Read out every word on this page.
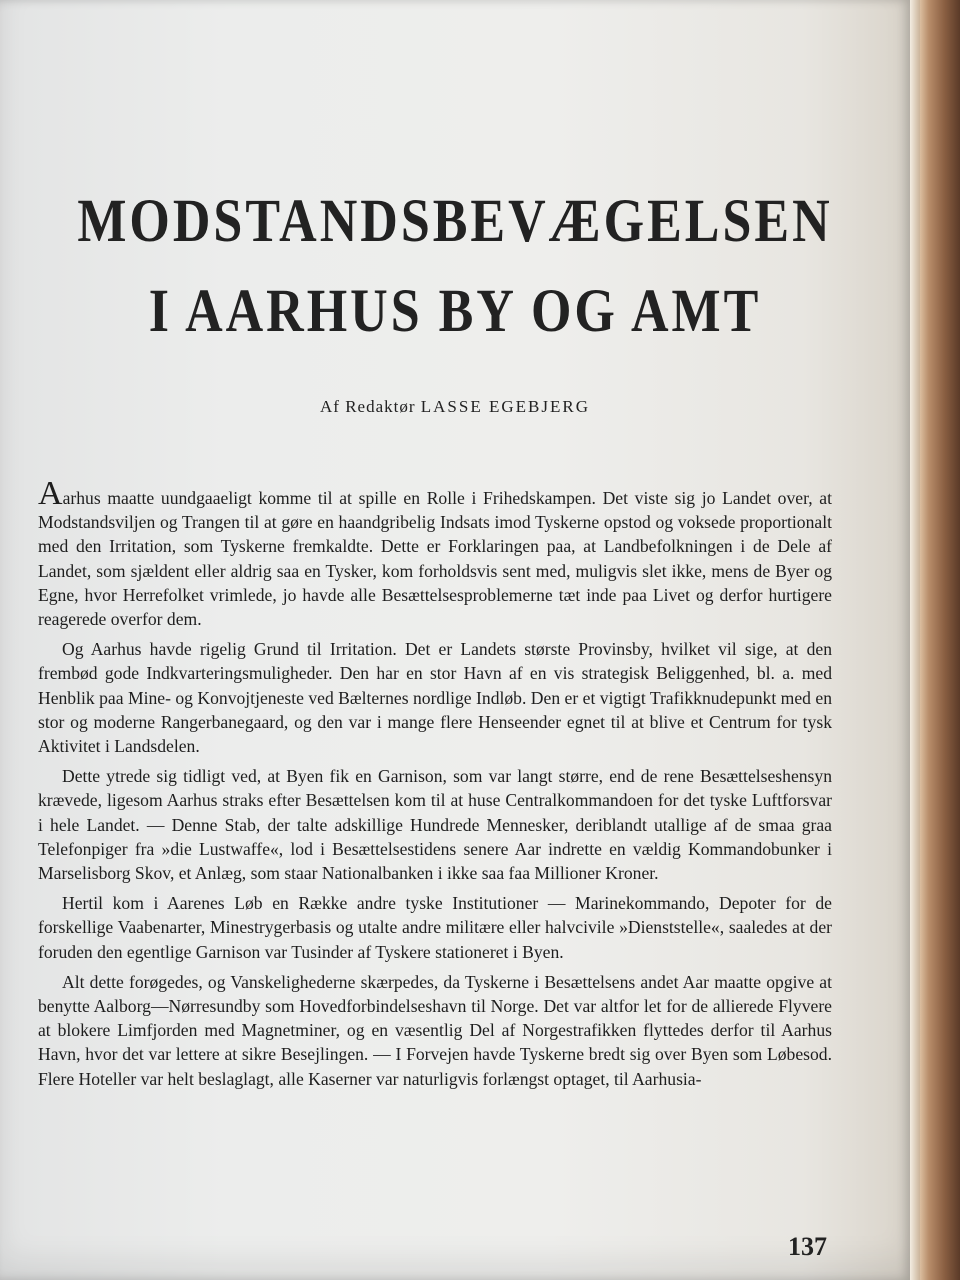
MODSTANDSBEVÆGELSEN
I AARHUS BY OG AMT

Af Redaktør LASSE EGEBJERG

Aarhus maatte uundgaaeligt komme til at spille en Rolle i Frihedskampen. Det viste sig jo Landet over, at Modstandsviljen og Trangen til at gøre en haandgribelig Indsats imod Tyskerne opstod og voksede proportionalt med den Irritation, som Tyskerne fremkaldte. Dette er Forklaringen paa, at Landbefolkningen i de Dele af Landet, som sjældent eller aldrig saa en Tysker, kom forholdsvis sent med, muligvis slet ikke, mens de Byer og Egne, hvor Herrefolket vrimlede, jo havde alle Besættelsesproblemerne tæt inde paa Livet og derfor hurtigere reagerede overfor dem.

Og Aarhus havde rigelig Grund til Irritation. Det er Landets største Provinsby, hvilket vil sige, at den frembød gode Indkvarteringsmuligheder. Den har en stor Havn af en vis strategisk Beliggenhed, bl. a. med Henblik paa Mine- og Konvojtjeneste ved Bælternes nordlige Indløb. Den er et vigtigt Trafikknudepunkt med en stor og moderne Rangerbanegaard, og den var i mange flere Henseender egnet til at blive et Centrum for tysk Aktivitet i Landsdelen.

Dette ytrede sig tidligt ved, at Byen fik en Garnison, som var langt større, end de rene Besættelseshensyn krævede, ligesom Aarhus straks efter Besættelsen kom til at huse Centralkommandoen for det tyske Luftforsvar i hele Landet. — Denne Stab, der talte adskillige Hundrede Mennesker, deriblandt utallige af de smaa graa Telefonpiger fra »die Lustwaffe«, lod i Besættelsestidens senere Aar indrette en vældig Kommandobunker i Marselisborg Skov, et Anlæg, som staar Nationalbanken i ikke saa faa Millioner Kroner.

Hertil kom i Aarenes Løb en Række andre tyske Institutioner — Marinekommando, Depoter for de forskellige Vaabenarter, Minestrygerbasis og utalte andre militære eller halvcivile »Dienststelle«, saaledes at der foruden den egentlige Garnison var Tusinder af Tyskere stationeret i Byen.

Alt dette forøgedes, og Vanskelighederne skærpedes, da Tyskerne i Besættelsens andet Aar maatte opgive at benytte Aalborg—Nørresundby som Hovedforbindelseshavn til Norge. Det var altfor let for de allierede Flyvere at blokere Limfjorden med Magnetminer, og en væsentlig Del af Norgestrafikken flyttedes derfor til Aarhus Havn, hvor det var lettere at sikre Besejlingen. — I Forvejen havde Tyskerne bredt sig over Byen som Løbesod. Flere Hoteller var helt beslaglagt, alle Kaserner var naturligvis forlængst optaget, til Aarhusia-

137
